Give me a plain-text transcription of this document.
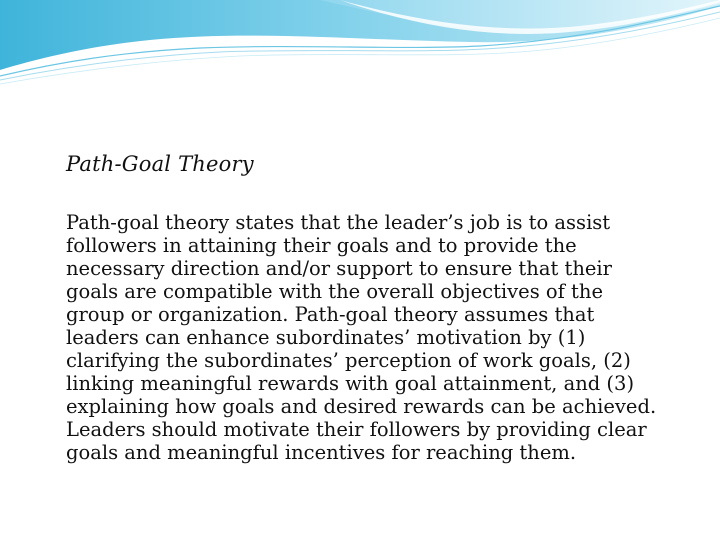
Path-Goal Theory
Path-goal theory states that the leader’s job is to assist
followers in attaining their goals and to provide the
necessary direction and/or support to ensure that their
goals are compatible with the overall objectives of the
group or organization. Path-goal theory assumes that
leaders can enhance subordinates’ motivation by (1)
clarifying the subordinates’ perception of work goals, (2)
linking meaningful rewards with goal attainment, and (3)
explaining how goals and desired rewards can be achieved.
Leaders should motivate their followers by providing clear
goals and meaningful incentives for reaching them.
